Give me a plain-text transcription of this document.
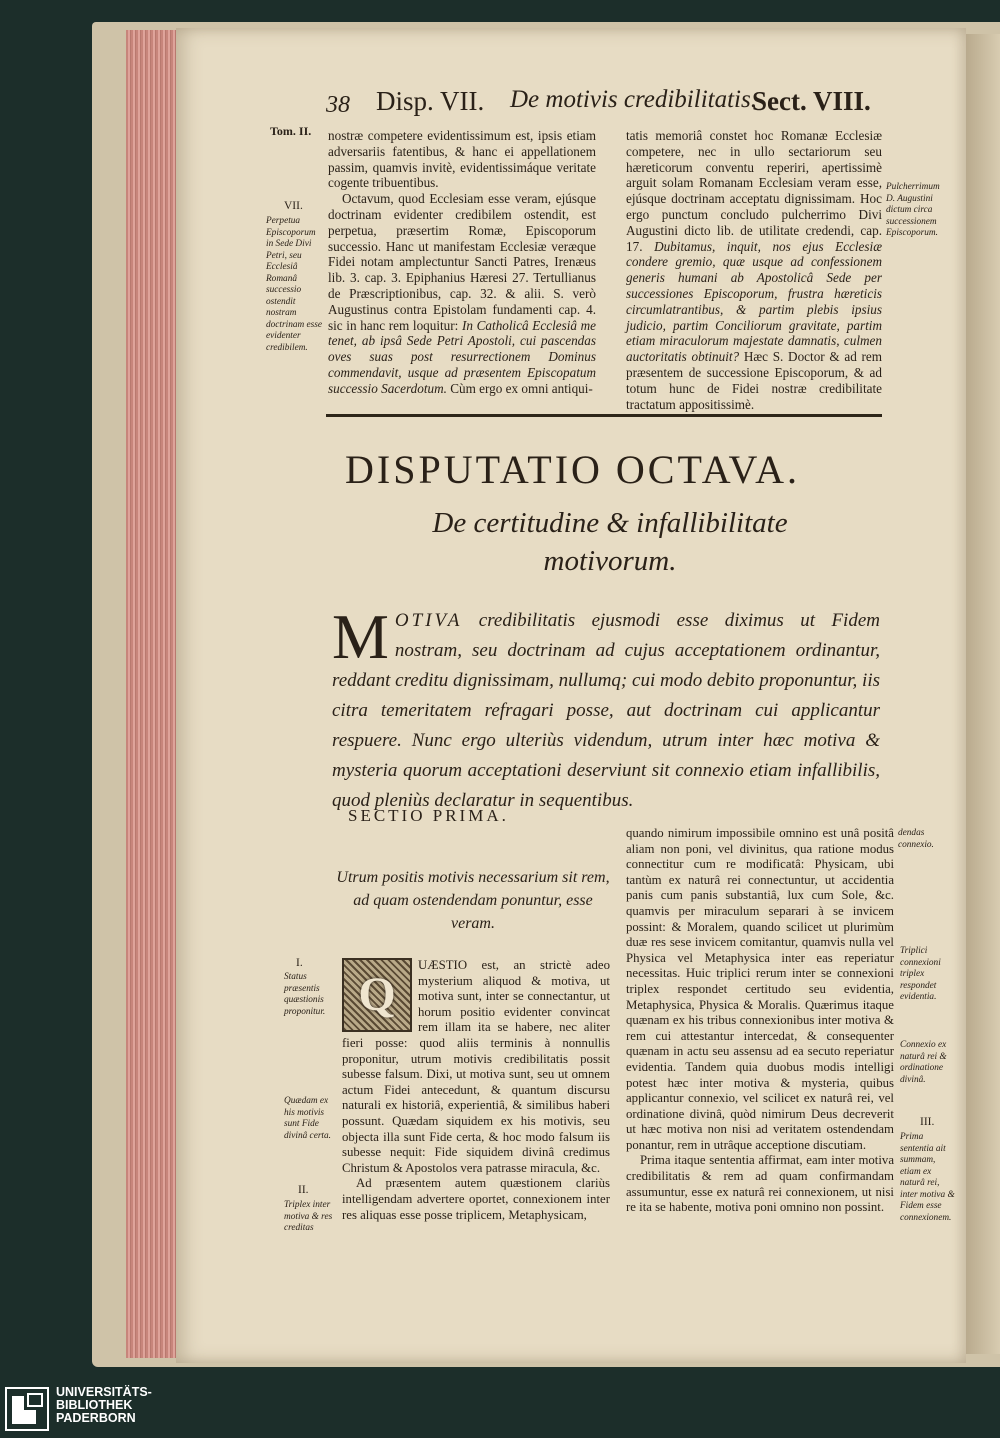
38 Disp. VII. De motivis credibilitatis.
Sect. VIII.
Tom. II. nostræ competere evidentissimum est, ipsis etiam adversariis fatentibus, & hanc ei appellationem passim, quamvis invitè, evidentissimáque veritate cogente tribuentibus.

Octavum, quod Ecclesiam esse veram, ejúsque doctrinam evidenter credibilem ostendit, est perpetua, præsertim Romæ, Episcoporum successio. Hanc ut manifestam Ecclesiæ veræque Fidei notam amplectuntur Sancti Patres, Irenæus lib. 3. cap. 3. Epiphanius Hæresi 27. Tertullianus de Præscriptionibus, cap. 32. & alii. S. verò Augustinus contra Epistolam fundamenti cap. 4. sic in hanc rem loquitur: In Catholicâ Ecclesiâ me tenet, ab ipsâ Sede Petri Apostoli, cui pascendas oves suas post resurrectionem Dominus commendavit, usque ad præsentem Episcopatum successio Sacerdotum. Cùm ergo ex omni antiqui-

tatis memoriâ constet hoc Romanæ Ecclesiæ competere, nec in ullo sectariorum seu hæreticorum conventu reperiri, apertissimè arguit solam Romanam Ecclesiam veram esse, ejúsque doctrinam acceptatu dignissimam. Hoc ergo punctum concludo pulcherrimo Divi Augustini dicto lib. de utilitate credendi, cap. 17. Dubitamus, inquit, nos ejus Ecclesiæ condere gremio, quæ usque ad confessionem generis humani ab Apostolicâ Sede per successiones Episcoporum, frustra hæreticis circumlatrantibus, & partim plebis ipsius judicio, partim Conciliorum gravitate, partim etiam miraculorum majestate damnatis, culmen auctoritatis obtinuit? Hæc S. Doctor & ad rem præsentem de successione Episcoporum, & ad totum hunc de Fidei nostræ credibilitate tractatum appositissimè.

VII.
Perpetua Episcoporum in Sede Divi Petri, seu Ecclesiâ Romanâ successio ostendit nostram doctrinam esse evidenter credibilem.
Pulcherrimum D. Augustini dictum circa successionem Episcoporum.
DISPUTATIO OCTAVA.
De certitudine & infallibilitate
motivorum.
MOTIVA credibilitatis ejusmodi esse diximus ut Fidem nostram, seu doctrinam ad cujus acceptationem ordinantur, reddant creditu dignissimam, nullumq; cui modo debito proponuntur, iis citra temeritatem refragari posse, aut doctrinam cui applicantur respuere. Nunc ergo ulteriùs videndum, utrum inter hæc motiva & mysteria quorum acceptationi deserviunt sit connexio etiam infallibilis, quod pleniùs declaratur in sequentibus.
SECTIO PRIMA.
Utrum positis motivis necessarium sit rem, ad quam ostendendam ponuntur, esse veram.
Q

UÆSTIO est, an strictè adeo mysterium aliquod & motiva, ut motiva sunt, inter se connectantur, ut horum positio evidenter convincat rem illam ita se habere, nec aliter fieri posse: quod aliis terminis à nonnullis proponitur, utrum motivis credibilitatis possit subesse falsum. Dixi, ut motiva sunt, seu ut omnem actum Fidei antecedunt, & quantum discursu naturali ex historiâ, experientiâ, & similibus haberi possunt. Quædam siquidem ex his motivis, seu objecta illa sunt Fide certa, & hoc modo falsum iis subesse nequit: Fide siquidem divinâ credimus Christum & Apostolos vera patrasse miracula, &c.

Ad præsentem autem quæstionem clariùs intelligendam advertere oportet, connexionem inter res aliquas esse posse triplicem, Metaphysicam,

quando nimirum impossibile omnino est unâ positâ aliam non poni, vel divinitus, qua ratione modus connectitur cum re modificatâ: Physicam, ubi tantùm ex naturâ rei connectuntur, ut accidentia panis cum panis substantiâ, lux cum Sole, &c. quamvis per miraculum separari à se invicem possint: & Moralem, quando scilicet ut plurimùm duæ res sese invicem comitantur, quamvis nulla vel Physica vel Metaphysica inter eas reperiatur necessitas. Huic triplici rerum inter se connexioni triplex respondet certitudo seu evidentia, Metaphysica, Physica & Moralis. Quærimus itaque quænam ex his tribus connexionibus inter motiva & rem cui attestantur intercedat, & consequenter quænam in actu seu assensu ad ea secuto reperiatur evidentia. Tandem quia duobus modis intelligi potest hæc inter motiva & mysteria, quibus applicantur connexio, vel scilicet ex naturâ rei, vel ordinatione divinâ, quòd nimirum Deus decreverit ut hæc motiva non nisi ad veritatem ostendendam ponantur, rem in utrâque acceptione discutiam.

Prima itaque sententia affirmat, eam inter motiva credibilitatis & rem ad quam confirmandam assumuntur, esse ex naturâ rei connexionem, ut nisi re ita se habente, motiva poni omnino non possint.

I.
Status præsentis quæstionis proponitur.
Quædam ex his motivis sunt Fide divinâ certa.
II.
Triplex inter motiva & res creditas
dendas connexio.
Triplici connexioni triplex respondet evidentia.
Connexio ex naturâ rei & ordinatione divinâ.
III.
Prima sententia ait summam, etiam ex naturâ rei, inter motiva & Fidem esse connexionem.
UNIVERSITÄTS-
BIBLIOTHEK
PADERBORN
